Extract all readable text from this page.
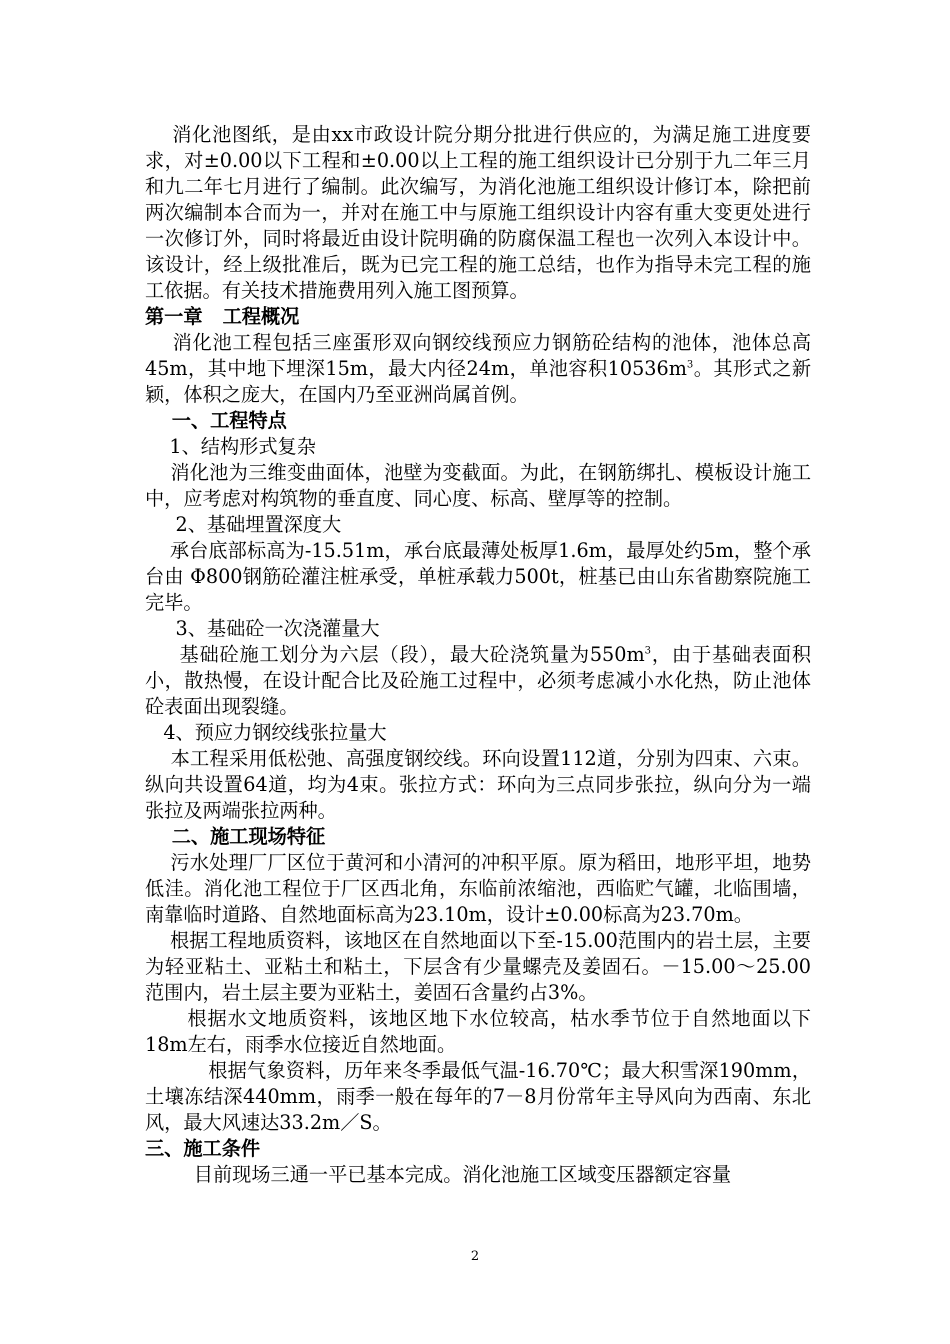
消化池图纸，是由xx市政设计院分期分批进行供应的，为满足施工进度要求，对±0.00以下工程和±0.00以上工程的施工组织设计已分别于九二年三月和九二年七月进行了编制。此次编写，为消化池施工组织设计修订本，除把前两次编制本合而为一，并对在施工中与原施工组织设计内容有重大变更处进行一次修订外，同时将最近由设计院明确的防腐保温工程也一次列入本设计中。该设计，经上级批准后，既为已完工程的施工总结，也作为指导未完工程的施工依据。有关技术措施费用列入施工图预算。

第一章   工程概况

消化池工程包括三座蛋形双向钢绞线预应力钢筋砼结构的池体，池体总高45m，其中地下埋深15m，最大内径24m，单池容积$10536m^3$。其形式之新颖，体积之庞大，在国内乃至亚洲尚属首例。

一、工程特点

1、结构形式复杂

消化池为三维变曲面体，池壁为变截面。为此，在钢筋绑扎、模板设计施工中，应考虑对构筑物的垂直度、同心度、标高、壁厚等的控制。

2、基础埋置深度大

承台底部标高为-15.51m，承台底最薄处板厚1.6m，最厚处约5m，整个承台由 Φ800钢筋砼灌注桩承受，单桩承载力500t，桩基已由山东省勘察院施工完毕。

3、基础砼一次浇灌量大

基础砼施工划分为六层（段），最大砼浇筑量为$550m^3$，由于基础表面积小，散热慢，在设计配合比及砼施工过程中，必须考虑减小水化热，防止池体砼表面出现裂缝。

4、预应力钢绞线张拉量大

本工程采用低松弛、高强度钢绞线。环向设置112道，分别为四束、六束。纵向共设置64道，均为4束。张拉方式：环向为三点同步张拉，纵向分为一端张拉及两端张拉两种。

二、施工现场特征

污水处理厂厂区位于黄河和小清河的冲积平原。原为稻田，地形平坦，地势低洼。消化池工程位于厂区西北角，东临前浓缩池，西临贮气罐，北临围墙，南靠临时道路、自然地面标高为23.10m，设计±0.00标高为23.70m。

根据工程地质资料，该地区在自然地面以下至-15.00范围内的岩土层，主要为轻亚粘土、亚粘土和粘土，下层含有少量螺壳及姜固石。－15.00～25.00范围内，岩土层主要为亚粘土，姜固石含量约占3%。

根据水文地质资料，该地区地下水位较高，枯水季节位于自然地面以下18m左右，雨季水位接近自然地面。

根据气象资料，历年来冬季最低气温-16.70℃；最大积雪深190mm，土壤冻结深440mm，雨季一般在每年的7－8月份常年主导风向为西南、东北风，最大风速达33.2m／S。

三、施工条件

目前现场三通一平已基本完成。消化池施工区域变压器额定容量

2
